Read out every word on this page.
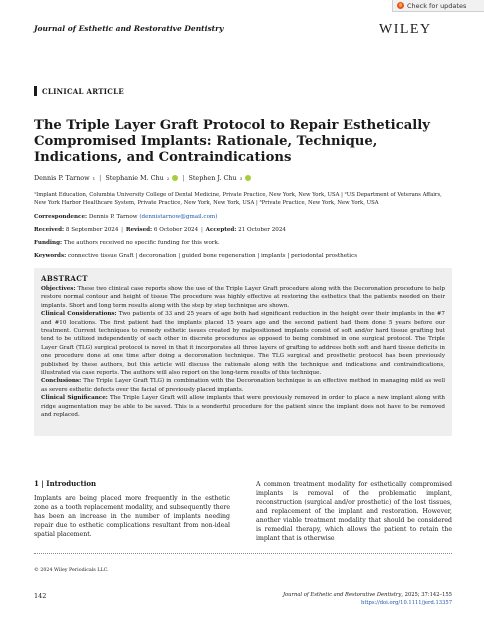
Check for updates
Journal of Esthetic and Restorative Dentistry	WILEY
CLINICAL ARTICLE
The Triple Layer Graft Protocol to Repair Esthetically Compromised Implants: Rationale, Technique, Indications, and Contraindications
Dennis P. Tarnow 1 | Stephanie M. Chu 2 | Stephen J. Chu 3
¹Implant Education, Columbia University College of Dental Medicine, Private Practice, New York, New York, USA | ²US Department of Veterans Affairs, New York Harbor Healthcare System, Private Practice, New York, New York, USA | ³Private Practice, New York, New York, USA
Correspondence: Dennis P. Tarnow (dennistarnow@gmail.com)
Received: 8 September 2024 | Revised: 6 October 2024 | Accepted: 21 October 2024
Funding: The authors received no specific funding for this work.
Keywords: connective tissue Graft | decoronation | guided bone regeneration | implants | periodontal prosthetics
ABSTRACT

Objectives: These two clinical case reports show the use of the Triple Layer Graft procedure along with the Decoronation procedure to help restore normal contour and height of tissue The procedure was highly effective at restoring the esthetics that the patients needed on their implants. Short and long term results along with the step by step technique are shown.

Clinical Considerations: Two patients of 33 and 25 years of age both had significant reduction in the height over their implants in the #7 and #10 locations. The first patient had the implants placed 15 years ago and the second patient had them done 5 years before our treatment. Current techniques to remedy esthetic issues created by malpositioned implants consist of soft and/or hard tissue grafting but tend to be utilized independently of each other in discrete procedures as opposed to being combined in one surgical protocol. The Triple Layer Graft (TLG) surgical protocol is novel in that it incorporates all three layers of grafting to address both soft and hard tissue deficits in one procedure done at one time after doing a decoronation technique. The TLG surgical and prosthetic protocol has been previously published by these authors, but this article will discuss the rationale along with the technique and indications and contraindications, illustrated via case reports. The authors will also report on the long-term results of this technique.

Conclusions: The Triple Layer Graft TLG) in combination with the Decoronation technique is an effective method in managing mild as well as severe esthetic defects over the facial of previously placed implants.

Clinical Significance: The Triple Layer Graft will allow implants that were previously removed in order to place a new implant along with ridge augmentation may be able to be saved. This is a wonderful procedure for the patient since the implant does not have to be removed and replaced.

1 | Introduction
Implants are being placed more frequently in the esthetic zone as a tooth replacement modality, and subsequently there has been an increase in the number of implants needing repair due to esthetic complications resultant from non-ideal spatial placement.
A common treatment modality for esthetically compromised implants is removal of the problematic implant, reconstruction (surgical and/or prosthetic) of the lost tissues, and replacement of the implant and restoration. However, another viable treatment modality that should be considered is remedial therapy, which allows the patient to retain the implant that is otherwise
© 2024 Wiley Periodicals LLC.
142	Journal of Esthetic and Restorative Dentistry, 2025; 37:142–155
https://doi.org/10.1111/jerd.13357
